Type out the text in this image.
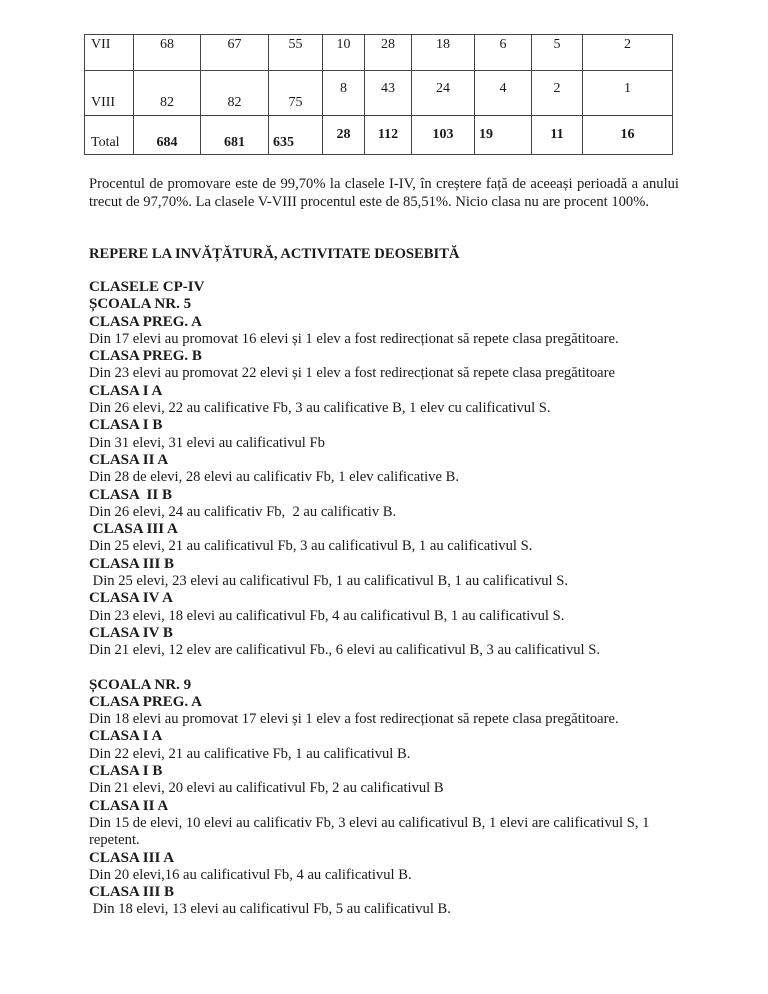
VII	68	67	55	10	28	18	6	5	2
VIII	82	82	75	8	43	24	4	2	1
Total	684	681	635	28	112	103	19	11	16
Procentul de promovare este de 99,70% la clasele I-IV, în creștere față de aceeași perioadă a anului trecut de 97,70%. La clasele V-VIII procentul este de 85,51%. Nicio clasa nu are procent 100%.
REPERE LA INVĂȚĂTURĂ, ACTIVITATE DEOSEBITĂ
CLASELE CP-IV
ȘCOALA NR. 5
CLASA PREG. A
Din 17 elevi au promovat 16 elevi și 1 elev a fost redirecționat să repete clasa pregătitoare.
CLASA PREG. B
Din 23 elevi au promovat 22 elevi și 1 elev a fost redirecționat să repete clasa pregătitoare
CLASA I A
Din 26 elevi, 22 au calificative Fb, 3 au calificative B, 1 elev cu calificativul S.
CLASA I B
Din 31 elevi, 31 elevi au calificativul Fb
CLASA II A
Din 28 de elevi, 28 elevi au calificativ Fb, 1 elev calificative B.
CLASA  II B
Din 26 elevi, 24 au calificativ Fb,  2 au calificativ B.
CLASA III A
Din 25 elevi, 21 au calificativul Fb, 3 au calificativul B, 1 au calificativul S.
CLASA III B
Din 25 elevi, 23 elevi au calificativul Fb, 1 au calificativul B, 1 au calificativul S.
CLASA IV A
Din 23 elevi, 18 elevi au calificativul Fb, 4 au calificativul B, 1 au calificativul S.
CLASA IV B
Din 21 elevi, 12 elev are calificativul Fb., 6 elevi au calificativul B, 3 au calificativul S.
ȘCOALA NR. 9
CLASA PREG. A
Din 18 elevi au promovat 17 elevi și 1 elev a fost redirecționat să repete clasa pregătitoare.
CLASA I A
Din 22 elevi, 21 au calificative Fb, 1 au calificativul B.
CLASA I B
Din 21 elevi, 20 elevi au calificativul Fb, 2 au calificativul B
CLASA II A
Din 15 de elevi, 10 elevi au calificativ Fb, 3 elevi au calificativul B, 1 elevi are calificativul S, 1 repetent.
CLASA III A
Din 20 elevi,16 au calificativul Fb, 4 au calificativul B.
CLASA III B
Din 18 elevi, 13 elevi au calificativul Fb, 5 au calificativul B.
